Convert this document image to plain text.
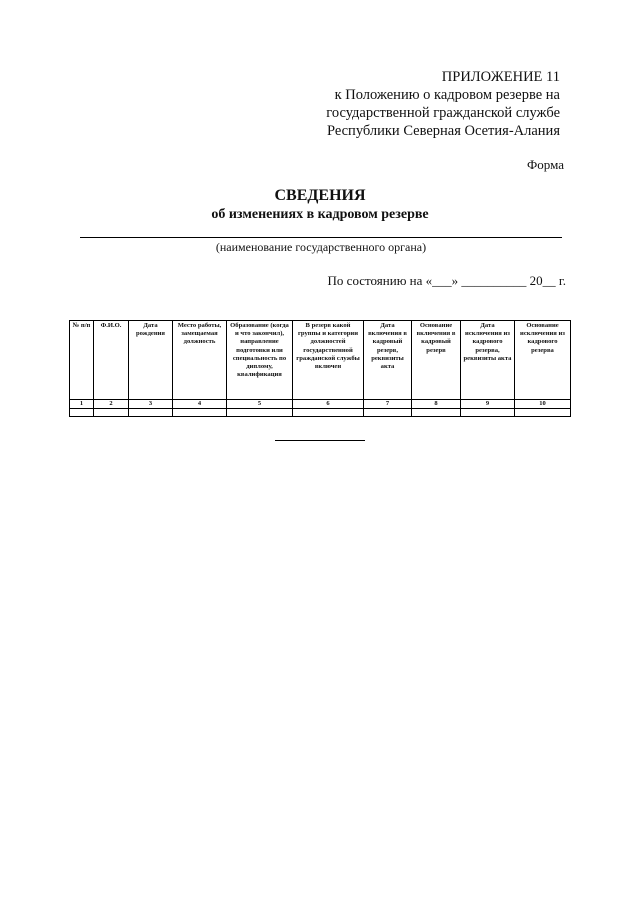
ПРИЛОЖЕНИЕ 11
к Положению о кадровом резерве на
государственной гражданской службе
Республики Северная Осетия-Алания
Форма
СВЕДЕНИЯ
об изменениях в кадровом резерве
(наименование государственного органа)
По состоянию на «___» __________ 20__ г.
№ п/п	Ф.И.О.	Дата рождения	Место работы, замещаемая должность	Образование (когда и что закончил), направление подготовки или специальность по диплому, квалификация	В резерв какой группы и категории должностей государственной гражданской службы включен	Дата включения в кадровый резерв, реквизиты акта	Основание включения в кадровый резерв	Дата исключения из кадрового резерва, реквизиты акта	Основание исключения из кадрового резерва
1	2	3	4	5	6	7	8	9	10
